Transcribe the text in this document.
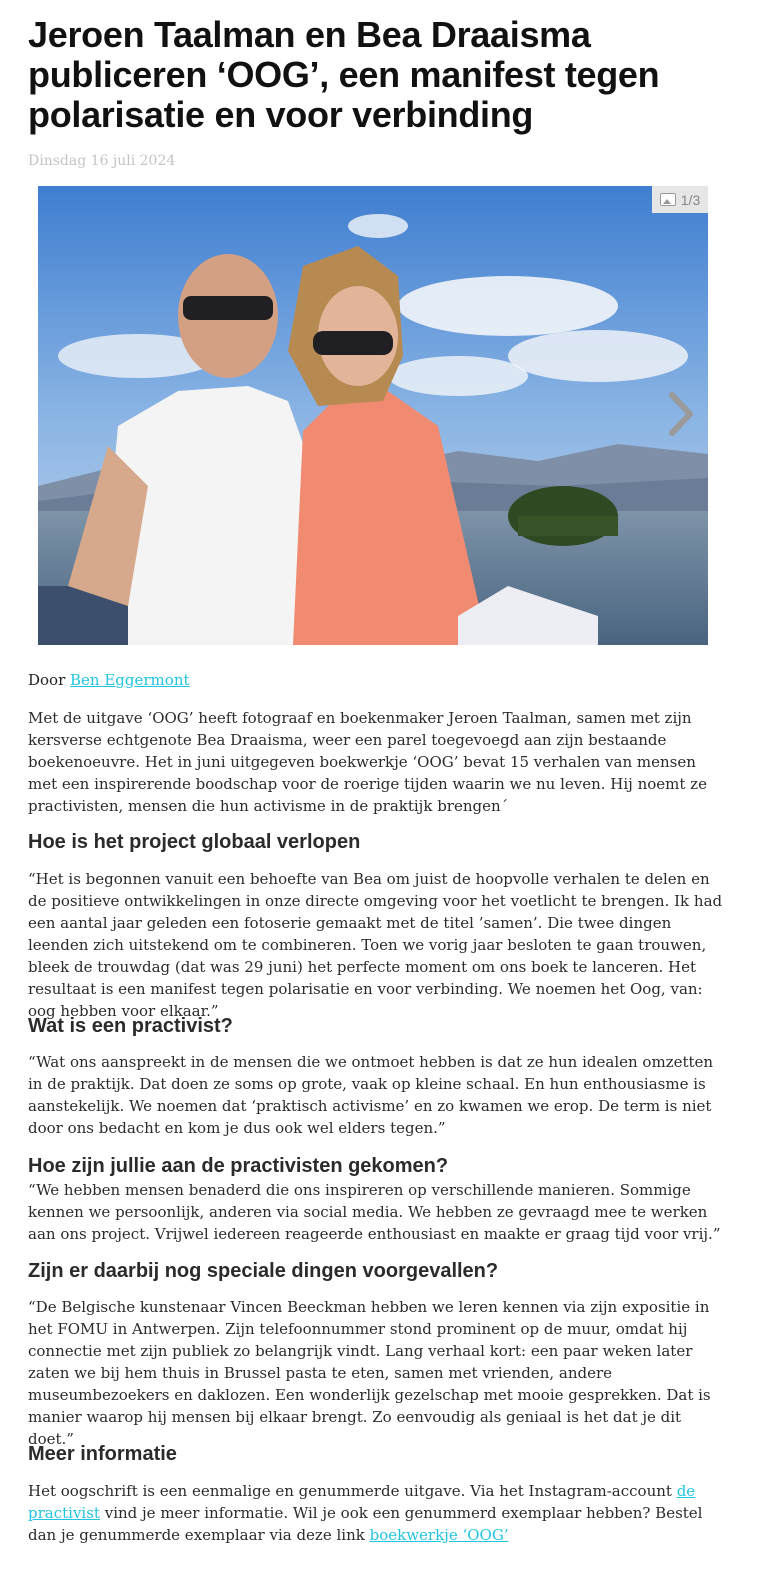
Jeroen Taalman en Bea Draaisma publiceren ‘OOG’, een manifest tegen polarisatie en voor verbinding
Dinsdag 16 juli 2024
1/3
Door Ben Eggermont

Met de uitgave ‘OOG’ heeft fotograaf en boekenmaker Jeroen Taalman, samen met zijn kersverse echtgenote Bea Draaisma, weer een parel toegevoegd aan zijn bestaande boekenoeuvre. Het in juni uitgegeven boekwerkje ‘OOG’ bevat 15 verhalen van mensen met een inspirerende boodschap voor de roerige tijden waarin we nu leven. Hij noemt ze practivisten, mensen die hun activisme in de praktijk brengen´

Hoe is het project globaal verlopen

“Het is begonnen vanuit een behoefte van Bea om juist de hoopvolle verhalen te delen en de positieve ontwikkelingen in onze directe omgeving voor het voetlicht te brengen. Ik had een aantal jaar geleden een fotoserie gemaakt met de titel ’samen’. Die twee dingen leenden zich uitstekend om te combineren. Toen we vorig jaar besloten te gaan trouwen, bleek de trouwdag (dat was 29 juni) het perfecte moment om ons boek te lanceren. Het resultaat is een manifest tegen polarisatie en voor verbinding. We noemen het Oog, van: oog hebben voor elkaar.”

Wat is een practivist?

“Wat ons aanspreekt in de mensen die we ontmoet hebben is dat ze hun idealen omzetten in de praktijk. Dat doen ze soms op grote, vaak op kleine schaal. En hun enthousiasme is aanstekelijk. We noemen dat ‘praktisch activisme’ en zo kwamen we erop. De term is niet door ons bedacht en kom je dus ook wel elders tegen.”

Hoe zijn jullie aan de practivisten gekomen?

“We hebben mensen benaderd die ons inspireren op verschillende manieren. Sommige kennen we persoonlijk, anderen via social media. We hebben ze gevraagd mee te werken aan ons project. Vrijwel iedereen reageerde enthousiast en maakte er graag tijd voor vrij.”

Zijn er daarbij nog speciale dingen voorgevallen?

“De Belgische kunstenaar Vincen Beeckman hebben we leren kennen via zijn expositie in het FOMU in Antwerpen. Zijn telefoonnummer stond prominent op de muur, omdat hij connectie met zijn publiek zo belangrijk vindt. Lang verhaal kort: een paar weken later zaten we bij hem thuis in Brussel pasta te eten, samen met vrienden, andere museumbezoekers en daklozen. Een wonderlijk gezelschap met mooie gesprekken. Dat is manier waarop hij mensen bij elkaar brengt. Zo eenvoudig als geniaal is het dat je dit doet.”

Meer informatie

Het oogschrift is een eenmalige en genummerde uitgave. Via het Instagram-account de practivist vind je meer informatie. Wil je ook een genummerd exemplaar hebben? Bestel dan je genummerde exemplaar via deze link boekwerkje ‘OOG’
